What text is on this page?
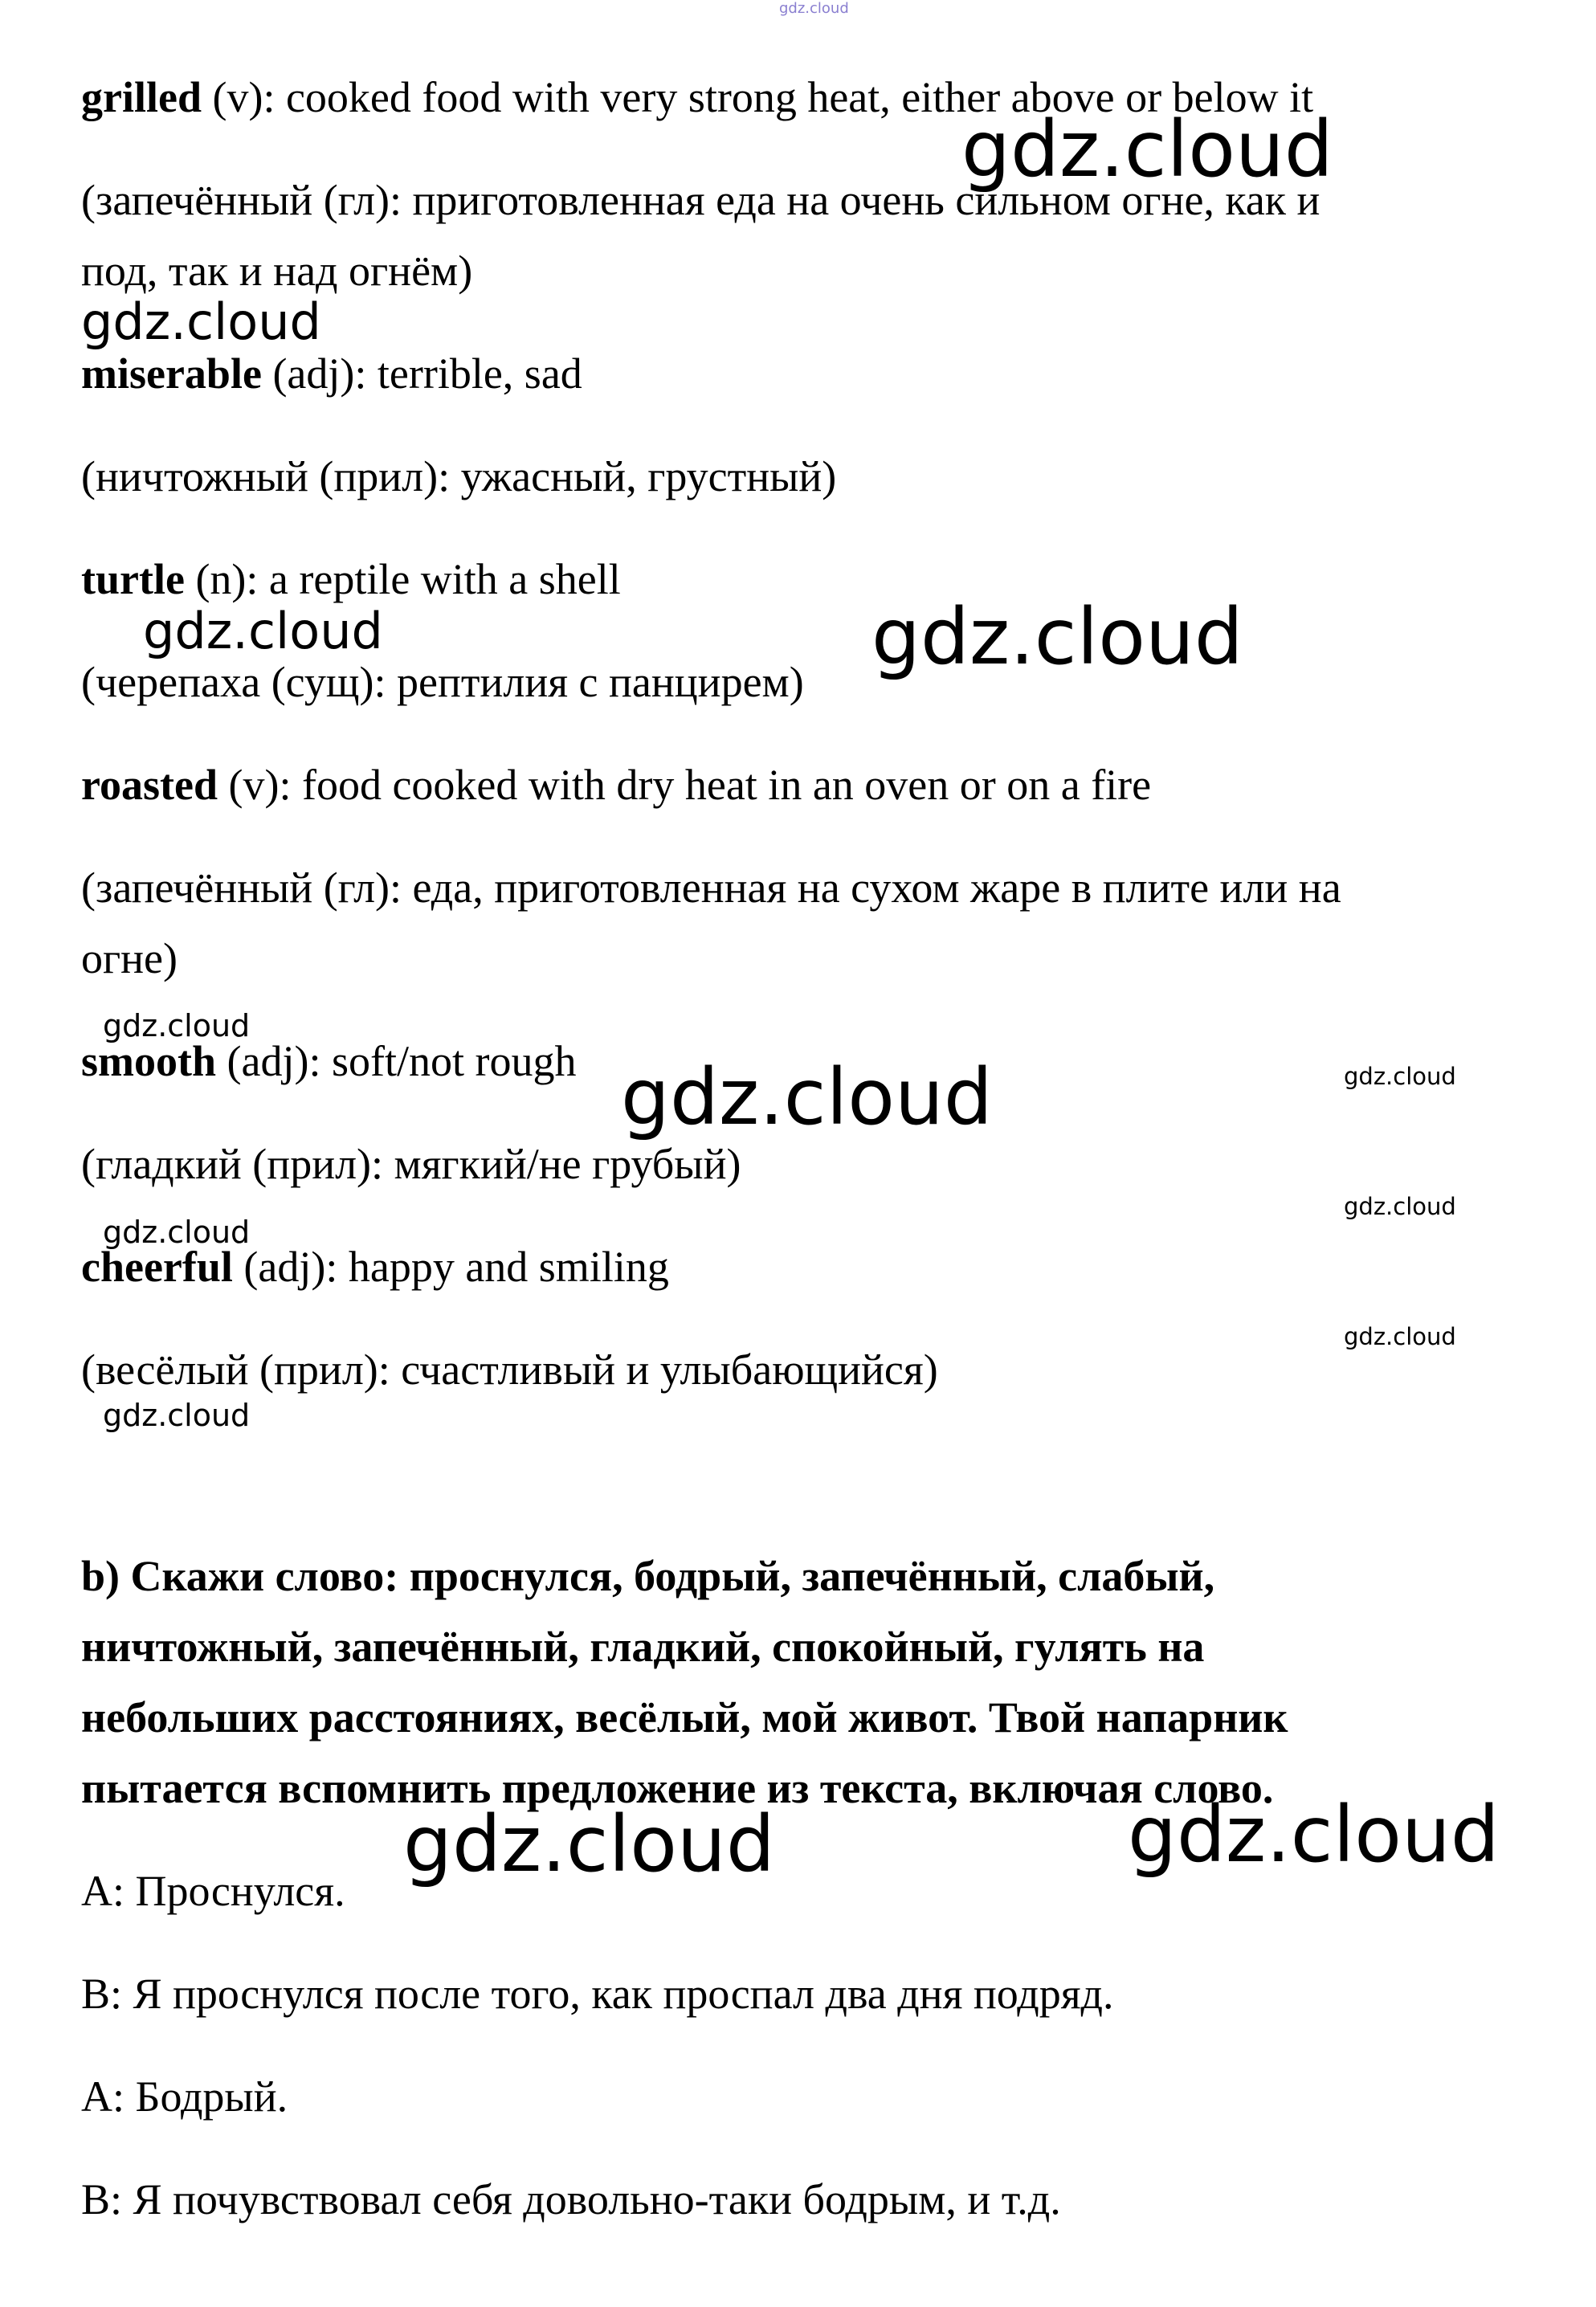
gdz.cloud
grilled (v): cooked food with very strong heat, either above or below it
(запечённый (гл): приготовленная еда на очень сильном огне, как и
под, так и над огнём)
miserable (adj): terrible, sad
(ничтожный (прил): ужасный, грустный)
turtle (n): a reptile with a shell
(черепаха (сущ): рептилия с панцирем)
roasted (v): food cooked with dry heat in an oven or on a fire
(запечённый (гл): еда, приготовленная на сухом жаре в плите или на
огне)
smooth (adj): soft/not rough
(гладкий (прил): мягкий/не грубый)
cheerful (adj): happy and smiling
(весёлый (прил): счастливый и улыбающийся)
b) Скажи слово: проснулся, бодрый, запечённый, слабый,
ничтожный, запечённый, гладкий, спокойный, гулять на
небольших расстояниях, весёлый, мой живот. Твой напарник
пытается вспомнить предложение из текста, включая слово.
A: Проснулся.
B: Я проснулся после того, как проспал два дня подряд.
A: Бодрый.
B: Я почувствовал себя довольно-таки бодрым, и т.д.
gdz.cloud
gdz.cloud
gdz.cloud	gdz.cloud
gdz.cloud
gdz.cloud	gdz.cloud
gdz.cloud
gdz.cloud
gdz.cloud
gdz.cloud
gdz.cloud	gdz.cloud
